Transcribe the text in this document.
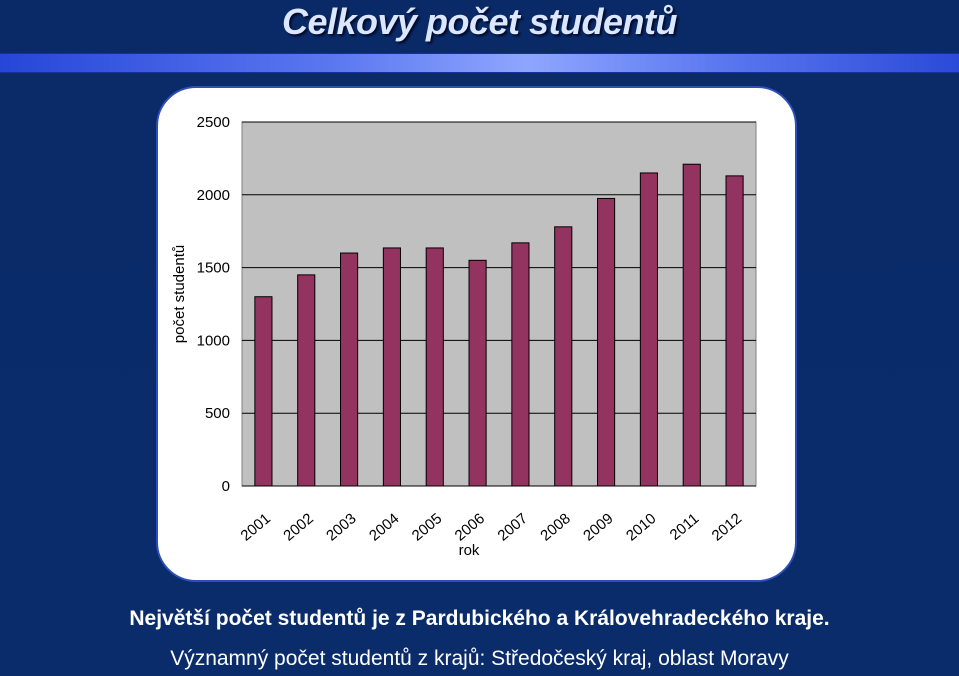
Celkový počet studentů
0
500
1000
1500
2000
2500
2001 2002 2003 2004 2005 2006 2007 2008 2009 2010 2011 2012
počet studentů
rok
Největší počet studentů je z Pardubického a Královehradeckého kraje.
Významný počet studentů z krajů: Středočeský kraj, oblast Moravy
